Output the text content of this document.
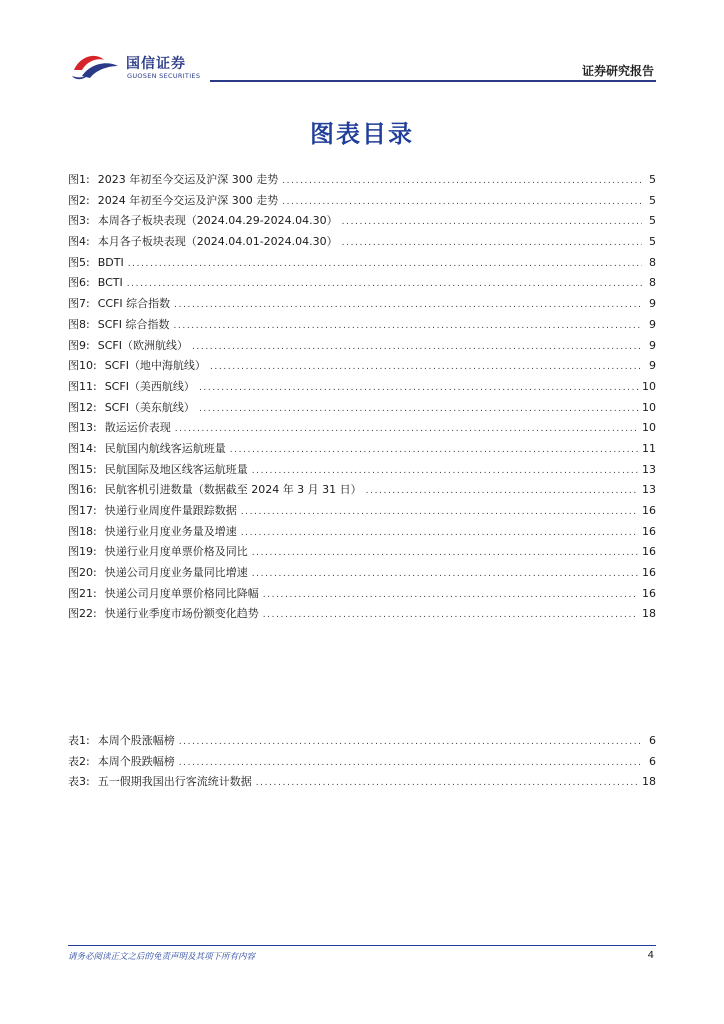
国信证券
GUOSEN SECURITIES	证券研究报告
图表目录
图1: 2023 年初至今交运及沪深 300 走势 .....	5
图2: 2024 年初至今交运及沪深 300 走势 .....	5
图3: 本周各子板块表现（2024.04.29-2024.04.30） .....	5
图4: 本月各子板块表现（2024.04.01-2024.04.30） .....	5
图5: BDTI .....	8
图6: BCTI .....	8
图7: CCFI 综合指数 .....	9
图8: SCFI 综合指数 .....	9
图9: SCFI（欧洲航线） .....	9
图10: SCFI（地中海航线） .....	9
图11: SCFI（美西航线） .....	10
图12: SCFI（美东航线） .....	10
图13: 散运运价表现 .....	10
图14: 民航国内航线客运航班量 .....	11
图15: 民航国际及地区线客运航班量 .....	13
图16: 民航客机引进数量（数据截至 2024 年 3 月 31 日） .....	13
图17: 快递行业周度件量跟踪数据 .....	16
图18: 快递行业月度业务量及增速 .....	16
图19: 快递行业月度单票价格及同比 .....	16
图20: 快递公司月度业务量同比增速 .....	16
图21: 快递公司月度单票价格同比降幅 .....	16
图22: 快递行业季度市场份额变化趋势 .....	18
表1: 本周个股涨幅榜 .....	6
表2: 本周个股跌幅榜 .....	6
表3: 五一假期我国出行客流统计数据 .....	18
请务必阅读正文之后的免责声明及其项下所有内容	4
